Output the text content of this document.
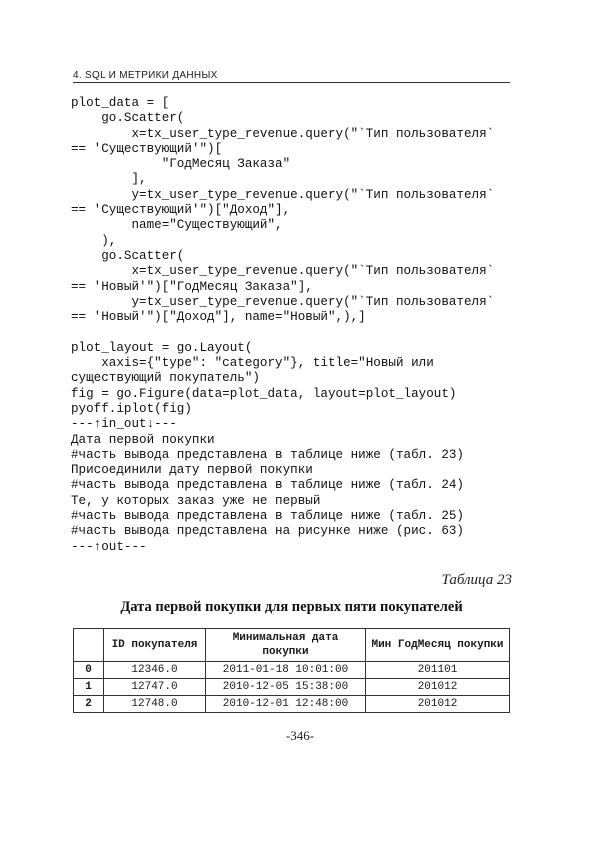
4. SQL И МЕТРИКИ ДАННЫХ
plot_data = [
go.Scatter(
x=tx_user_type_revenue.query("`Тип пользователя`
== 'Существующий'")[
"ГодМесяц Заказа"
],
y=tx_user_type_revenue.query("`Тип пользователя`
== 'Существующий'")["Доход"],
name="Существующий",
),
go.Scatter(
x=tx_user_type_revenue.query("`Тип пользователя`
== 'Новый'")["ГодМесяц Заказа"],
y=tx_user_type_revenue.query("`Тип пользователя`
== 'Новый'")["Доход"], name="Новый",),]
plot_layout = go.Layout(
xaxis={"type": "category"}, title="Новый или
существующий покупатель")
fig = go.Figure(data=plot_data, layout=plot_layout)
pyoff.iplot(fig)
---↑in_out↓---
Дата первой покупки
#часть вывода представлена в таблице ниже (табл. 23)
Присоединили дату первой покупки
#часть вывода представлена в таблице ниже (табл. 24)
Те, у которых заказ уже не первый
#часть вывода представлена в таблице ниже (табл. 25)
#часть вывода представлена на рисунке ниже (рис. 63)
---↑out---
Таблица 23
Дата первой покупки для первых пяти покупателей
	ID покупателя	Минимальная дата покупки	Мин ГодМесяц покупки
0	12346.0	2011-01-18 10:01:00	201101
1	12747.0	2010-12-05 15:38:00	201012
2	12748.0	2010-12-01 12:48:00	201012
-346-
